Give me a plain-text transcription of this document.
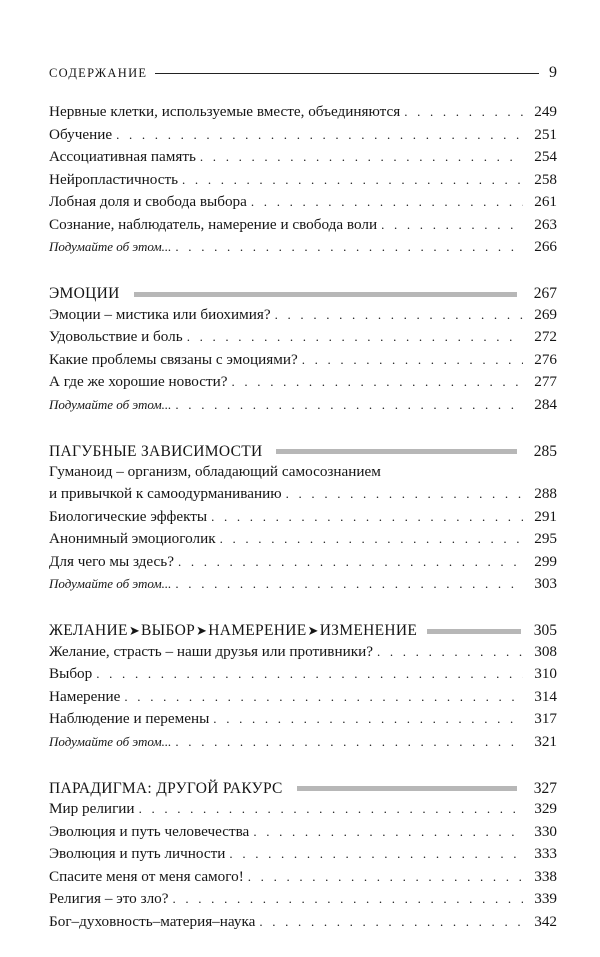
СОДЕРЖАНИЕ	9
Нервные клетки, используемые вместе, объединяются . . .	249
Обучение . . .	251
Ассоциативная память . . .	254
Нейропластичность . . .	258
Лобная доля и свобода выбора . . .	261
Сознание, наблюдатель, намерение и свобода воли . . .	263
Подумайте об этом... . . .	266
ЭМОЦИИ	267
Эмоции – мистика или биохимия? . . .	269
Удовольствие и боль . . .	272
Какие проблемы связаны с эмоциями? . . .	276
А где же хорошие новости? . . .	277
Подумайте об этом... . . .	284
ПАГУБНЫЕ ЗАВИСИМОСТИ	285
Гуманоид – организм, обладающий самосознанием
и привычкой к самоодурманиванию . . .	288
Биологические эффекты . . .	291
Анонимный эмоциоголик . . .	295
Для чего мы здесь? . . .	299
Подумайте об этом... . . .	303
ЖЕЛАНИЕ➤ВЫБОР➤НАМЕРЕНИЕ➤ИЗМЕНЕНИЕ	305
Желание, страсть – наши друзья или противники? . . .	308
Выбор . . .	310
Намерение . . .	314
Наблюдение и перемены . . .	317
Подумайте об этом... . . .	321
ПАРАДИГМА: ДРУГОЙ РАКУРС	327
Мир религии . . .	329
Эволюция и путь человечества . . .	330
Эволюция и путь личности . . .	333
Спасите меня от меня самого! . . .	338
Религия – это зло? . . .	339
Бог–духовность–материя–наука . . .	342
